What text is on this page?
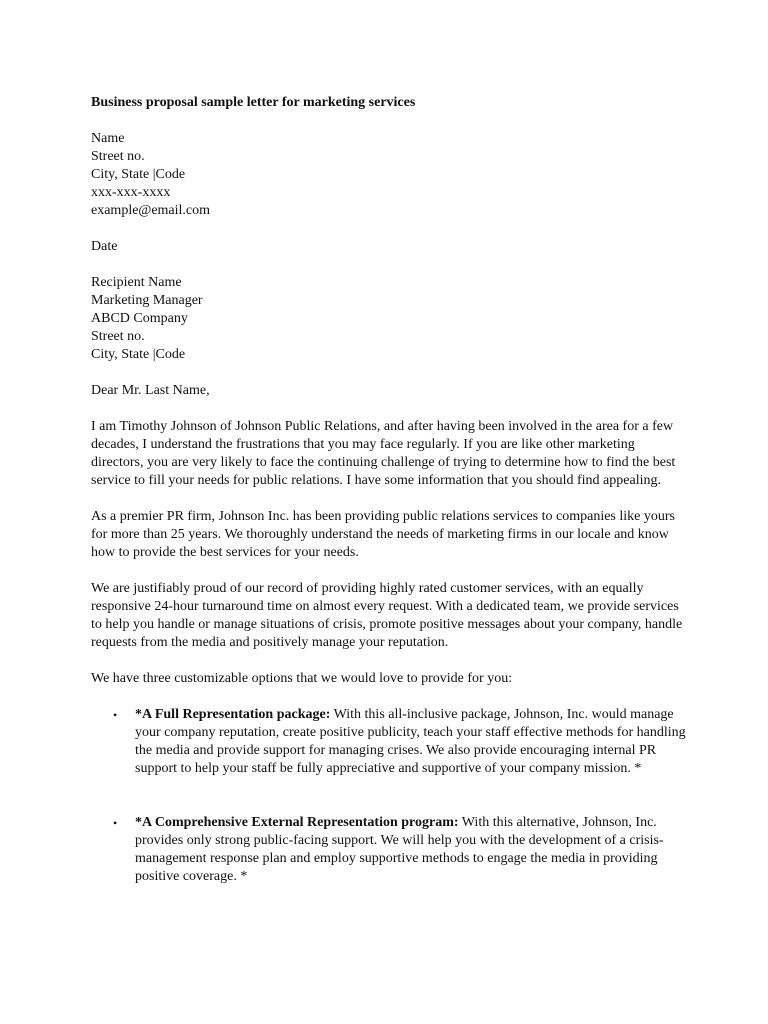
Business proposal sample letter for marketing services
Name
Street no.
City, State |Code
xxx-xxx-xxxx
example@email.com
Date
Recipient Name
Marketing Manager
ABCD Company
Street no.
City, State |Code
Dear Mr. Last Name,

I am Timothy Johnson of Johnson Public Relations, and after having been involved in the area for a few decades, I understand the frustrations that you may face regularly. If you are like other marketing directors, you are very likely to face the continuing challenge of trying to determine how to find the best service to fill your needs for public relations. I have some information that you should find appealing.

As a premier PR firm, Johnson Inc. has been providing public relations services to companies like yours for more than 25 years. We thoroughly understand the needs of marketing firms in our locale and know how to provide the best services for your needs.

We are justifiably proud of our record of providing highly rated customer services, with an equally responsive 24-hour turnaround time on almost every request. With a dedicated team, we provide services to help you handle or manage situations of crisis, promote positive messages about your company, handle requests from the media and positively manage your reputation.

We have three customizable options that we would love to provide for you:

• *A Full Representation package: With this all-inclusive package, Johnson, Inc. would manage your company reputation, create positive publicity, teach your staff effective methods for handling the media and provide support for managing crises. We also provide encouraging internal PR support to help your staff be fully appreciative and supportive of your company mission. *
• *A Comprehensive External Representation program: With this alternative, Johnson, Inc. provides only strong public-facing support. We will help you with the development of a crisis-management response plan and employ supportive methods to engage the media in providing positive coverage. *
